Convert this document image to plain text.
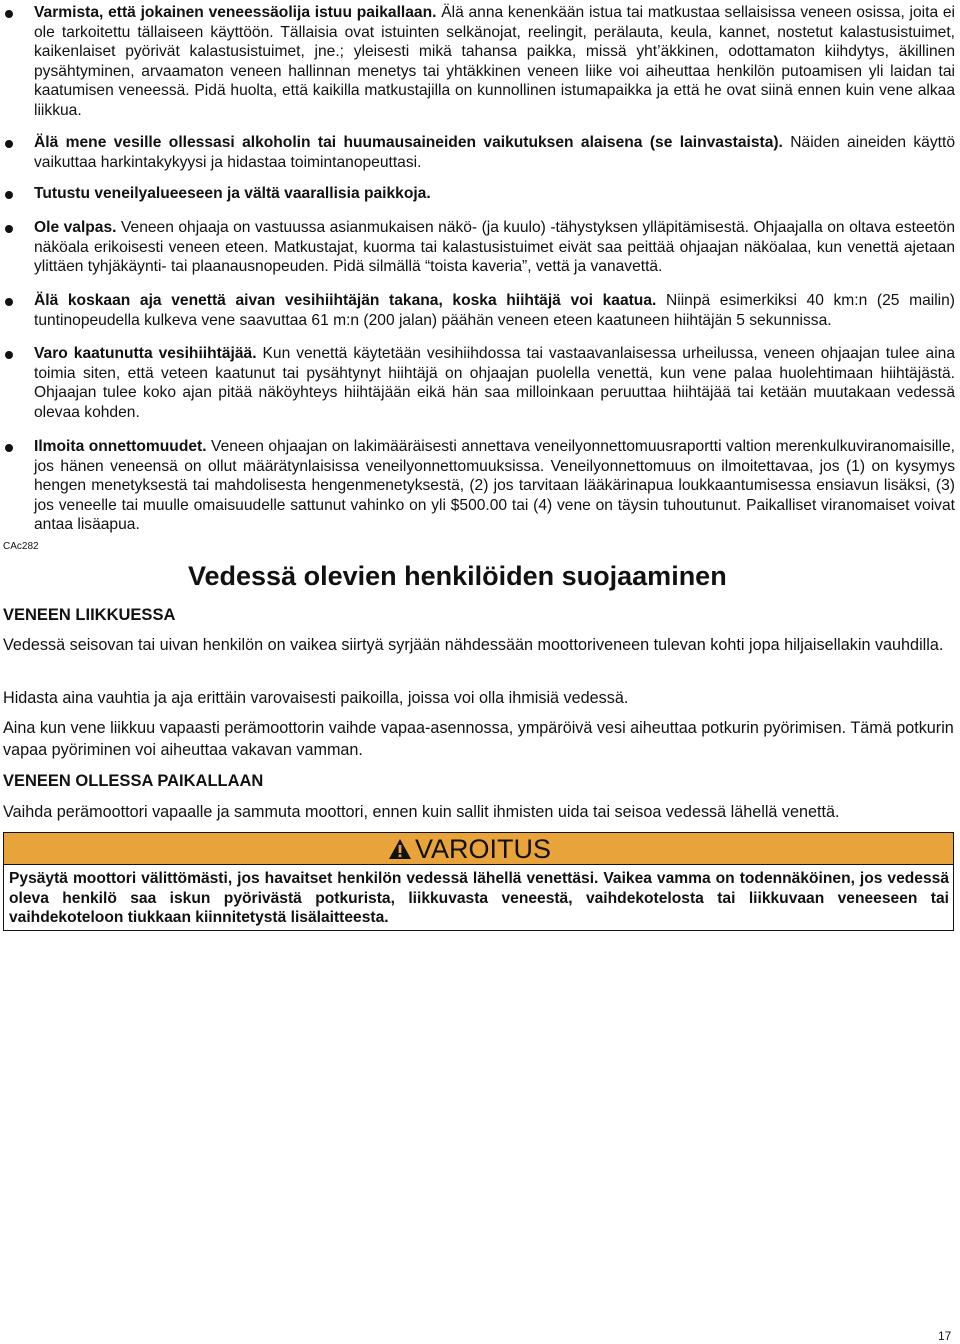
Varmista, että jokainen veneessäolija istuu paikallaan. Älä anna kenenkään istua tai matkustaa sellaisissa veneen osissa, joita ei ole tarkoitettu tällaiseen käyttöön. Tällaisia ovat istuinten selkänojat, reelingit, perälauta, keula, kannet, nostetut kalastusistuimet, kaikenlaiset pyörivät kalastusistuimet, jne.; yleisesti mikä tahansa paikka, missä yht’äkkinen, odottamaton kiihdytys, äkillinen pysähtyminen, arvaamaton veneen hallinnan menetys tai yhtäkkinen veneen liike voi aiheuttaa henkilön putoamisen yli laidan tai kaatumisen veneessä. Pidä huolta, että kaikilla matkustajilla on kunnollinen istumapaikka ja että he ovat siinä ennen kuin vene alkaa liikkua.

Älä mene vesille ollessasi alkoholin tai huumausaineiden vaikutuksen alaisena (se lainvastaista). Näiden aineiden käyttö vaikuttaa harkintakykyysi ja hidastaa toimintanopeuttasi.

Tutustu veneilyalueeseen ja vältä vaarallisia paikkoja.

Ole valpas. Veneen ohjaaja on vastuussa asianmukaisen näkö- (ja kuulo) -tähystyksen ylläpitämisestä. Ohjaajalla on oltava esteetön näköala erikoisesti veneen eteen. Matkustajat, kuorma tai kalastusistuimet eivät saa peittää ohjaajan näköalaa, kun venettä ajetaan ylittäen tyhjäkäynti- tai plaanausnopeuden. Pidä silmällä “toista kaveria”, vettä ja vanavettä.

Älä koskaan aja venettä aivan vesihiihtäjän takana, koska hiihtäjä voi kaatua. Niinpä esimerkiksi 40 km:n (25 mailin) tuntinopeudella kulkeva vene saavuttaa 61 m:n (200 jalan) päähän veneen eteen kaatuneen hiihtäjän 5 sekunnissa.

Varo kaatunutta vesihiihtäjää. Kun venettä käytetään vesihiihdossa tai vastaavanlaisessa urheilussa, veneen ohjaajan tulee aina toimia siten, että veteen kaatunut tai pysähtynyt hiihtäjä on ohjaajan puolella venettä, kun vene palaa huolehtimaan hiihtäjästä. Ohjaajan tulee koko ajan pitää näköyhteys hiihtäjään eikä hän saa milloinkaan peruuttaa hiihtäjää tai ketään muutakaan vedessä olevaa kohden.

Ilmoita onnettomuudet. Veneen ohjaajan on lakimääräisesti annettava veneilyonnettomuusraportti valtion merenkulkuviranomaisille, jos hänen veneensä on ollut määrätynlaisissa veneilyonnettomuuksissa. Veneilyonnettomuus on ilmoitettavaa, jos (1) on kysymys hengen menetyksestä tai mahdolisesta hengenmenetyksestä, (2) jos tarvitaan lääkärinapua loukkaantumisessa ensiavun lisäksi, (3) jos veneelle tai muulle omaisuudelle sattunut vahinko on yli $500.00 tai (4) vene on täysin tuhoutunut. Paikalliset viranomaiset voivat antaa lisäapua.

CAc282
Vedessä olevien henkilöiden suojaaminen
VENEEN LIIKKUESSA

Vedessä seisovan tai uivan henkilön on vaikea siirtyä syrjään nähdessään moottoriveneen tulevan kohti jopa hiljaisellakin vauhdilla.

Hidasta aina vauhtia ja aja erittäin varovaisesti paikoilla, joissa voi olla ihmisiä vedessä.

Aina kun vene liikkuu vapaasti perämoottorin vaihde vapaa-asennossa, ympäröivä vesi aiheuttaa potkurin pyörimisen. Tämä potkurin vapaa pyöriminen voi aiheuttaa vakavan vamman.

VENEEN OLLESSA PAIKALLAAN

Vaihda perämoottori vapaalle ja sammuta moottori, ennen kuin sallit ihmisten uida tai seisoa vedessä lähellä venettä.

VAROITUS

Pysäytä moottori välittömästi, jos havaitset henkilön vedessä lähellä venettäsi. Vaikea vamma on todennäköinen, jos vedessä oleva henkilö saa iskun pyörivästä potkurista, liikkuvasta veneestä, vaihdekotelosta tai liikkuvaan veneeseen tai vaihdekoteloon tiukkaan kiinnitetystä lisälaitteesta.

17
